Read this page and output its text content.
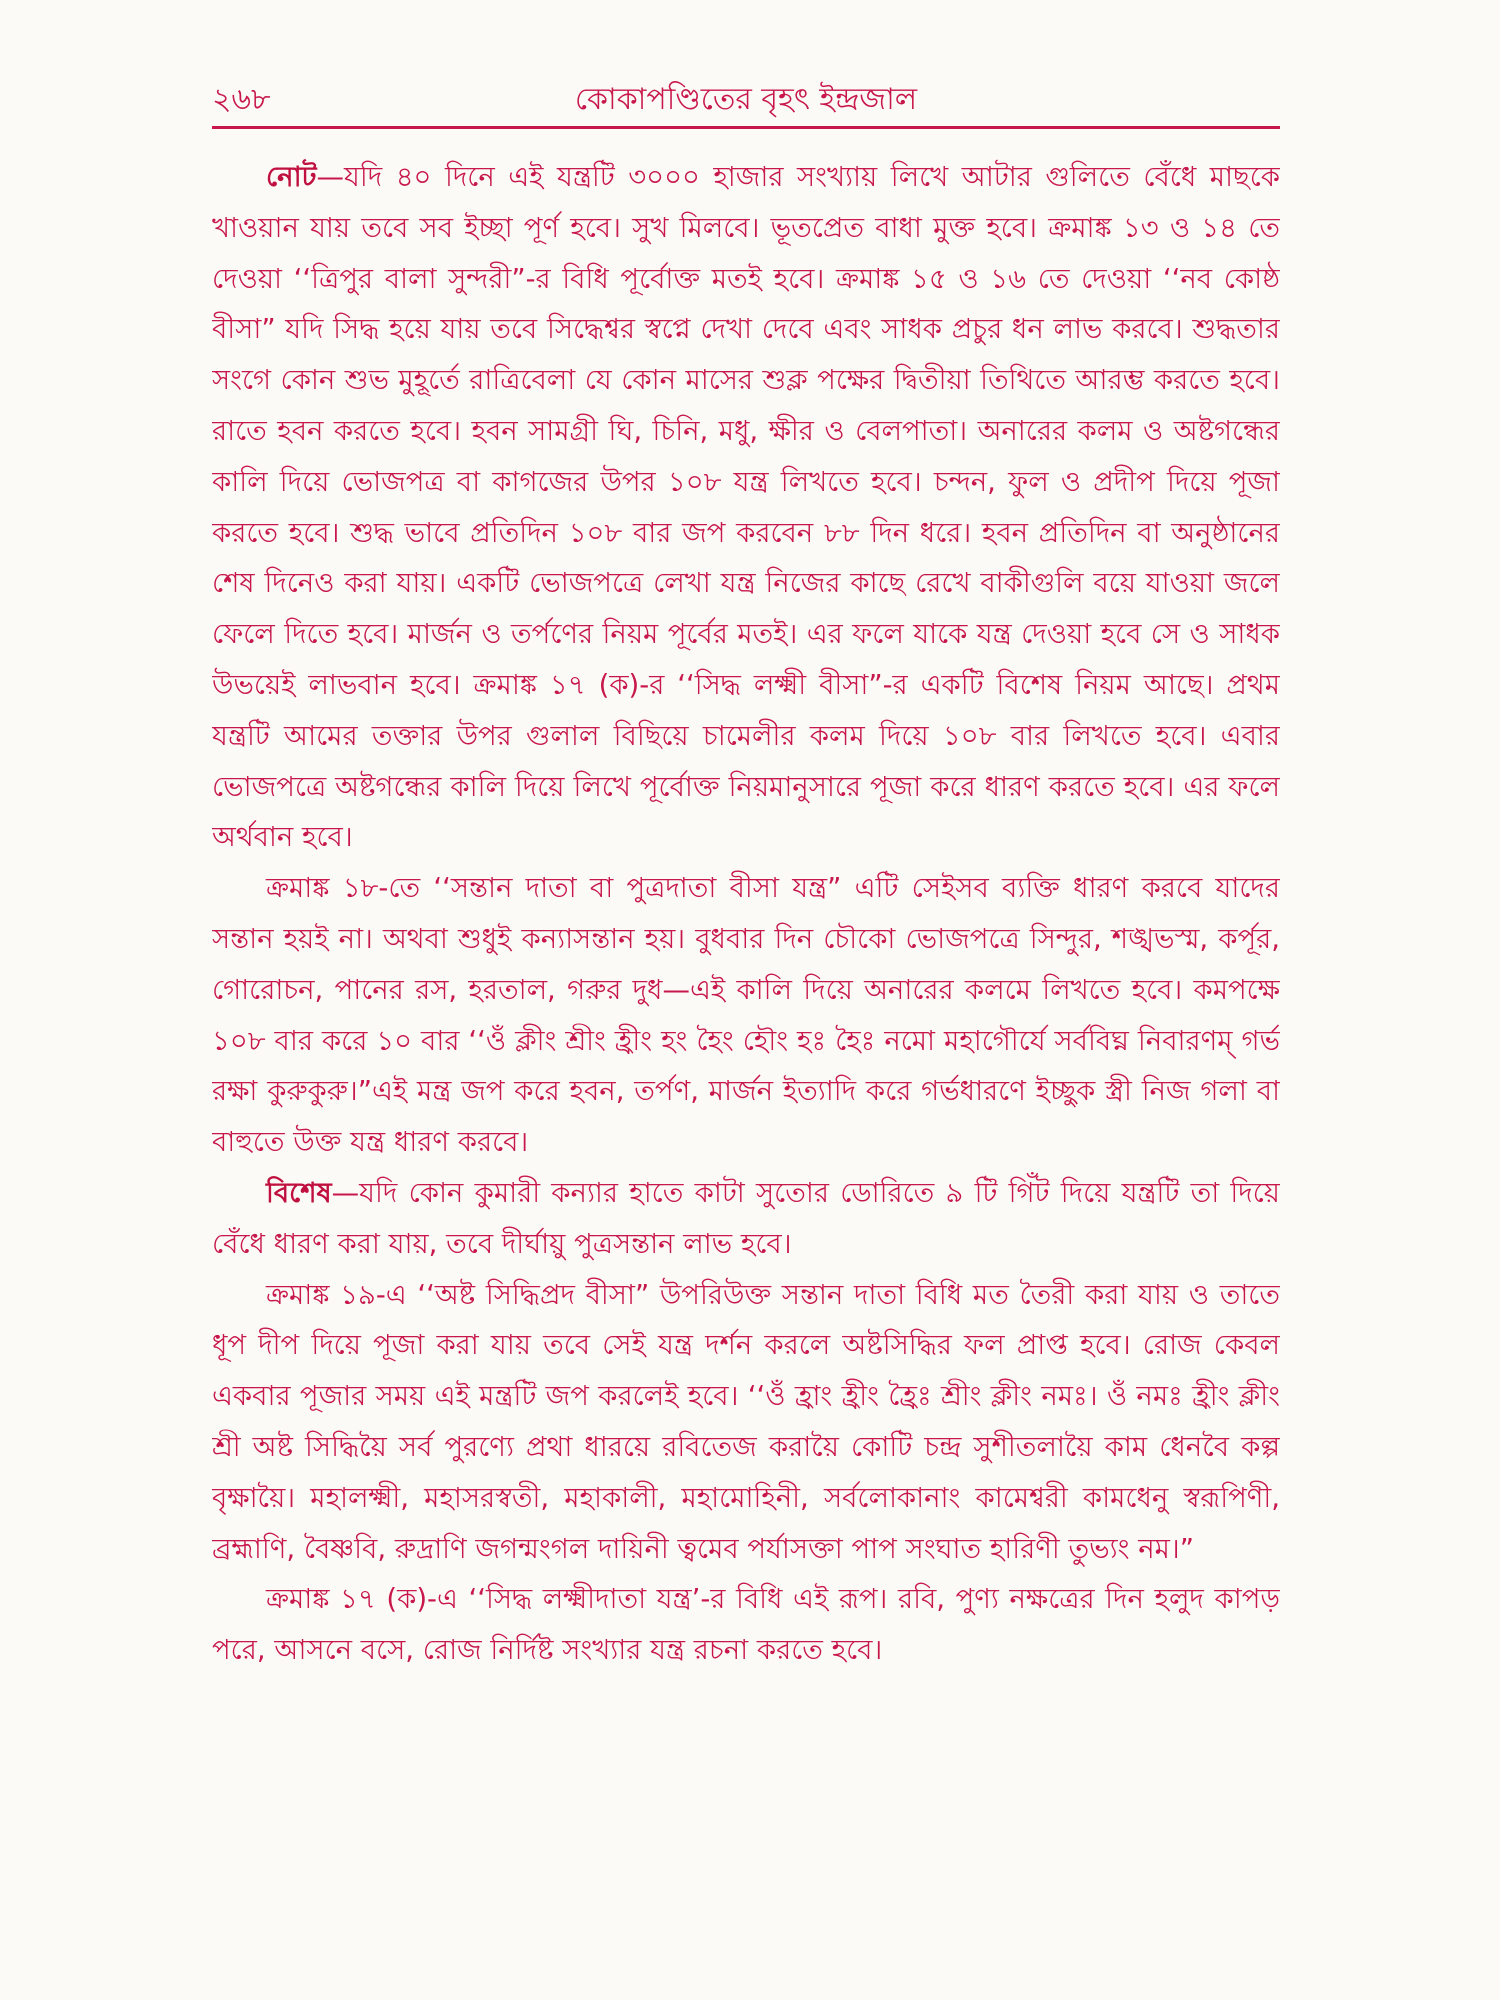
২৬৮	কোকাপণ্ডিতের বৃহৎ ইন্দ্রজাল

নোট—যদি ৪০ দিনে এই যন্ত্রটি ৩০০০ হাজার সংখ্যায় লিখে আটার গুলিতে বেঁধে মাছকে খাওয়ান যায় তবে সব ইচ্ছা পূর্ণ হবে। সুখ মিলবে। ভূতপ্রেত বাধা মুক্ত হবে। ক্রমাঙ্ক ১৩ ও ১৪ তে দেওয়া ‘‘ত্রিপুর বালা সুন্দরী”-র বিধি পূর্বোক্ত মতই হবে। ক্রমাঙ্ক ১৫ ও ১৬ তে দেওয়া ‘‘নব কোষ্ঠ বীসা” যদি সিদ্ধ হয়ে যায় তবে সিদ্ধেশ্বর স্বপ্নে দেখা দেবে এবং সাধক প্রচুর ধন লাভ করবে। শুদ্ধতার সংগে কোন শুভ মুহূর্তে রাত্রিবেলা যে কোন মাসের শুক্ল পক্ষের দ্বিতীয়া তিথিতে আরম্ভ করতে হবে। রাতে হবন করতে হবে। হবন সামগ্রী ঘি, চিনি, মধু, ক্ষীর ও বেলপাতা। অনারের কলম ও অষ্টগন্ধের কালি দিয়ে ভোজপত্র বা কাগজের উপর ১০৮ যন্ত্র লিখতে হবে। চন্দন, ফুল ও প্রদীপ দিয়ে পূজা করতে হবে। শুদ্ধ ভাবে প্রতিদিন ১০৮ বার জপ করবেন ৮৮ দিন ধরে। হবন প্রতিদিন বা অনুষ্ঠানের শেষ দিনেও করা যায়। একটি ভোজপত্রে লেখা যন্ত্র নিজের কাছে রেখে বাকীগুলি বয়ে যাওয়া জলে ফেলে দিতে হবে। মার্জন ও তর্পণের নিয়ম পূর্বের মতই। এর ফলে যাকে যন্ত্র দেওয়া হবে সে ও সাধক উভয়েই লাভবান হবে। ক্রমাঙ্ক ১৭ (ক)-র ‘‘সিদ্ধ লক্ষ্মী বীসা”-র একটি বিশেষ নিয়ম আছে। প্রথম যন্ত্রটি আমের তক্তার উপর গুলাল বিছিয়ে চামেলীর কলম দিয়ে ১০৮ বার লিখতে হবে। এবার ভোজপত্রে অষ্টগন্ধের কালি দিয়ে লিখে পূর্বোক্ত নিয়মানুসারে পূজা করে ধারণ করতে হবে। এর ফলে অর্থবান হবে।

ক্রমাঙ্ক ১৮-তে ‘‘সন্তান দাতা বা পুত্রদাতা বীসা যন্ত্র” এটি সেইসব ব্যক্তি ধারণ করবে যাদের সন্তান হয়ই না। অথবা শুধুই কন্যাসন্তান হয়। বুধবার দিন চৌকো ভোজপত্রে সিন্দুর, শঙ্খভস্ম, কর্পূর, গোরোচন, পানের রস, হরতাল, গরুর দুধ—এই কালি দিয়ে অনারের কলমে লিখতে হবে। কমপক্ষে ১০৮ বার করে ১০ বার ‘‘ওঁ ক্লীং শ্রীং হ্রীং হং হৈং হৌং হঃ হৈঃ নমো মহাগৌর্যে সর্ববিঘ্ন নিবারণম্ গর্ভ রক্ষা কুরুকুরু।”এই মন্ত্র জপ করে হবন, তর্পণ, মার্জন ইত্যাদি করে গর্ভধারণে ইচ্ছুক স্ত্রী নিজ গলা বা বাহুতে উক্ত যন্ত্র ধারণ করবে।

বিশেষ—যদি কোন কুমারী কন্যার হাতে কাটা সুতোর ডোরিতে ৯ টি গিঁট দিয়ে যন্ত্রটি তা দিয়ে বেঁধে ধারণ করা যায়, তবে দীর্ঘায়ু পুত্রসন্তান লাভ হবে।

ক্রমাঙ্ক ১৯-এ ‘‘অষ্ট সিদ্ধিপ্রদ বীসা” উপরিউক্ত সন্তান দাতা বিধি মত তৈরী করা যায় ও তাতে ধূপ দীপ দিয়ে পূজা করা যায় তবে সেই যন্ত্র দর্শন করলে অষ্টসিদ্ধির ফল প্রাপ্ত হবে। রোজ কেবল একবার পূজার সময় এই মন্ত্রটি জপ করলেই হবে। ‘‘ওঁ হ্রাং হ্রীং হ্রৈঃ শ্রীং ক্লীং নমঃ। ওঁ নমঃ হ্রীং ক্লীং শ্রী অষ্ট সিদ্ধিয়ৈ সর্ব পুরণ্যে প্রথা ধারয়ে রবিতেজ করায়ৈ কোটি চন্দ্র সুশীতলায়ৈ কাম ধেনবৈ কল্প বৃক্ষায়ৈ। মহালক্ষ্মী, মহাসরস্বতী, মহাকালী, মহামোহিনী, সর্বলোকানাং কামেশ্বরী কামধেনু স্বরূপিণী, ব্রহ্মাণি, বৈষ্ণবি, রুদ্রাণি জগন্মংগল দায়িনী ত্বমেব পর্যাসক্তা পাপ সংঘাত হারিণী তুভ্যং নম।”

ক্রমাঙ্ক ১৭ (ক)-এ ‘‘সিদ্ধ লক্ষ্মীদাতা যন্ত্র’-র বিধি এই রূপ। রবি, পুণ্য নক্ষত্রের দিন হলুদ কাপড় পরে, আসনে বসে, রোজ নির্দিষ্ট সংখ্যার যন্ত্র রচনা করতে হবে।
